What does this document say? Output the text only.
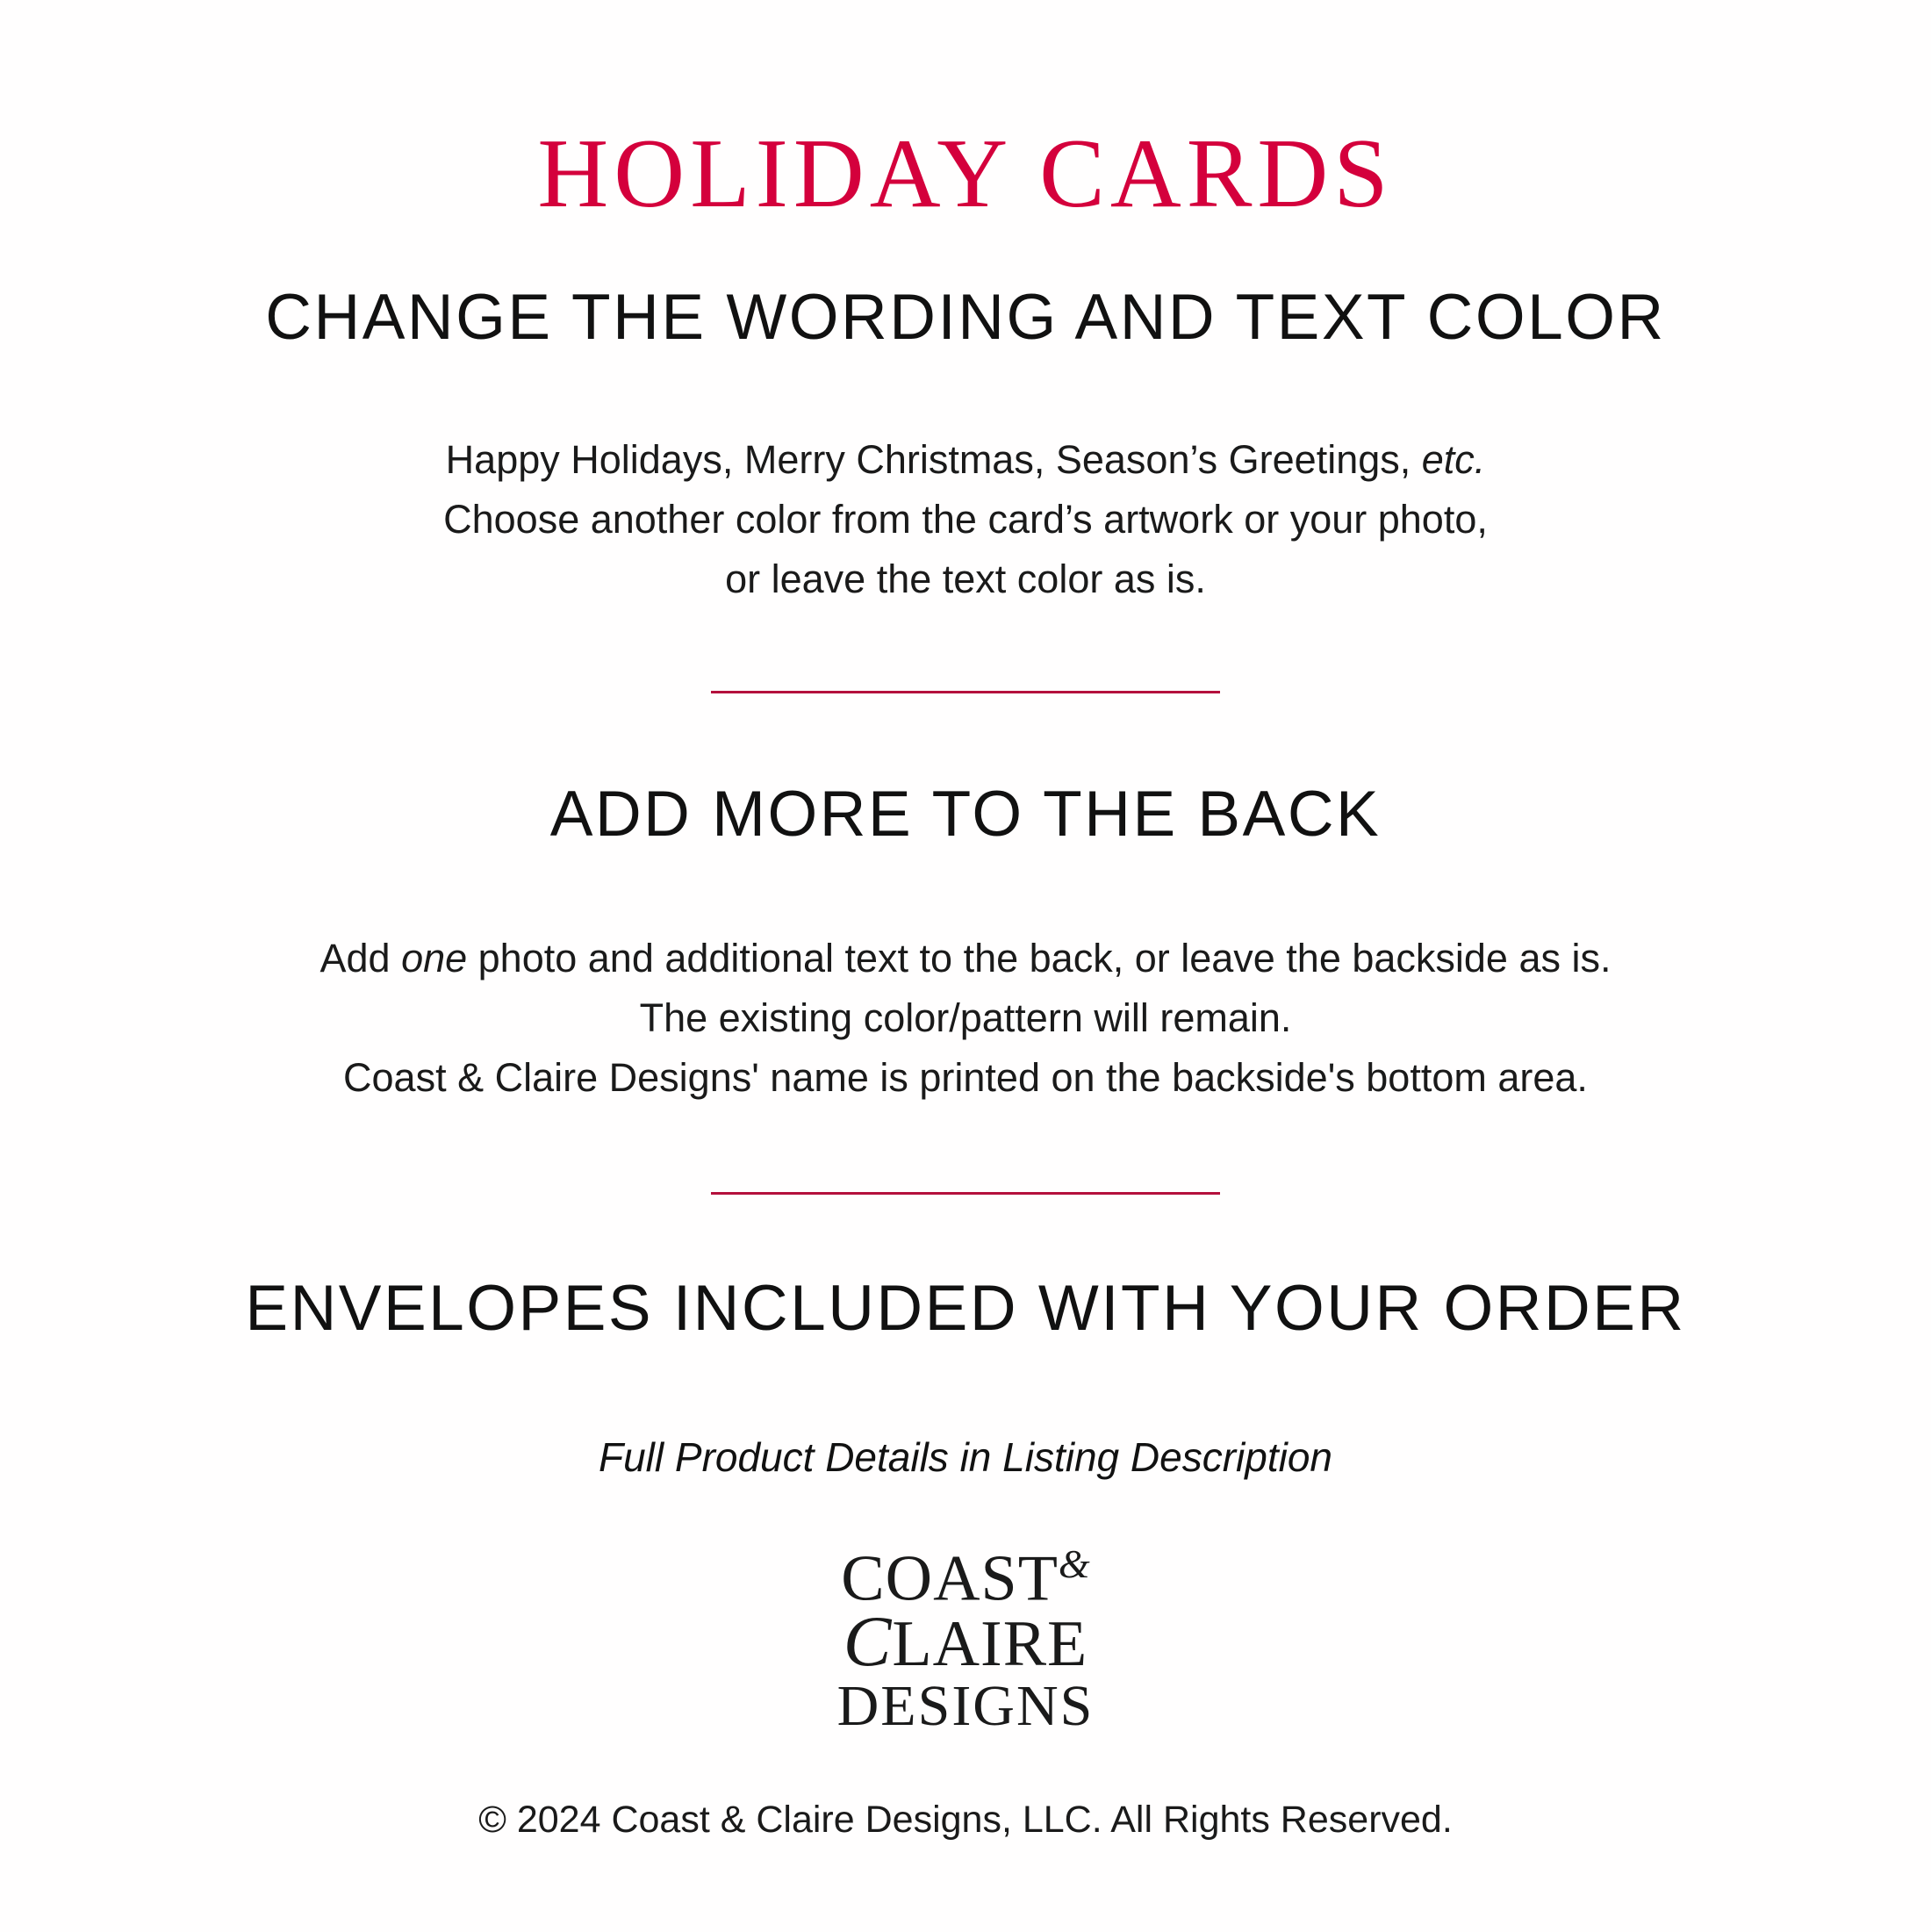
HOLIDAY CARDS
CHANGE THE WORDING AND TEXT COLOR

Happy Holidays, Merry Christmas, Season’s Greetings, etc.
Choose another color from the card’s artwork or your photo,
or leave the text color as is.

ADD MORE TO THE BACK

Add one photo and additional text to the back, or leave the backside as is.
The existing color/pattern will remain.
Coast & Claire Designs' name is printed on the backside's bottom area.

ENVELOPES INCLUDED WITH YOUR ORDER

Full Product Details in Listing Description

COAST&
CLAIRE
DESIGNS

© 2024 Coast & Claire Designs, LLC. All Rights Reserved.
